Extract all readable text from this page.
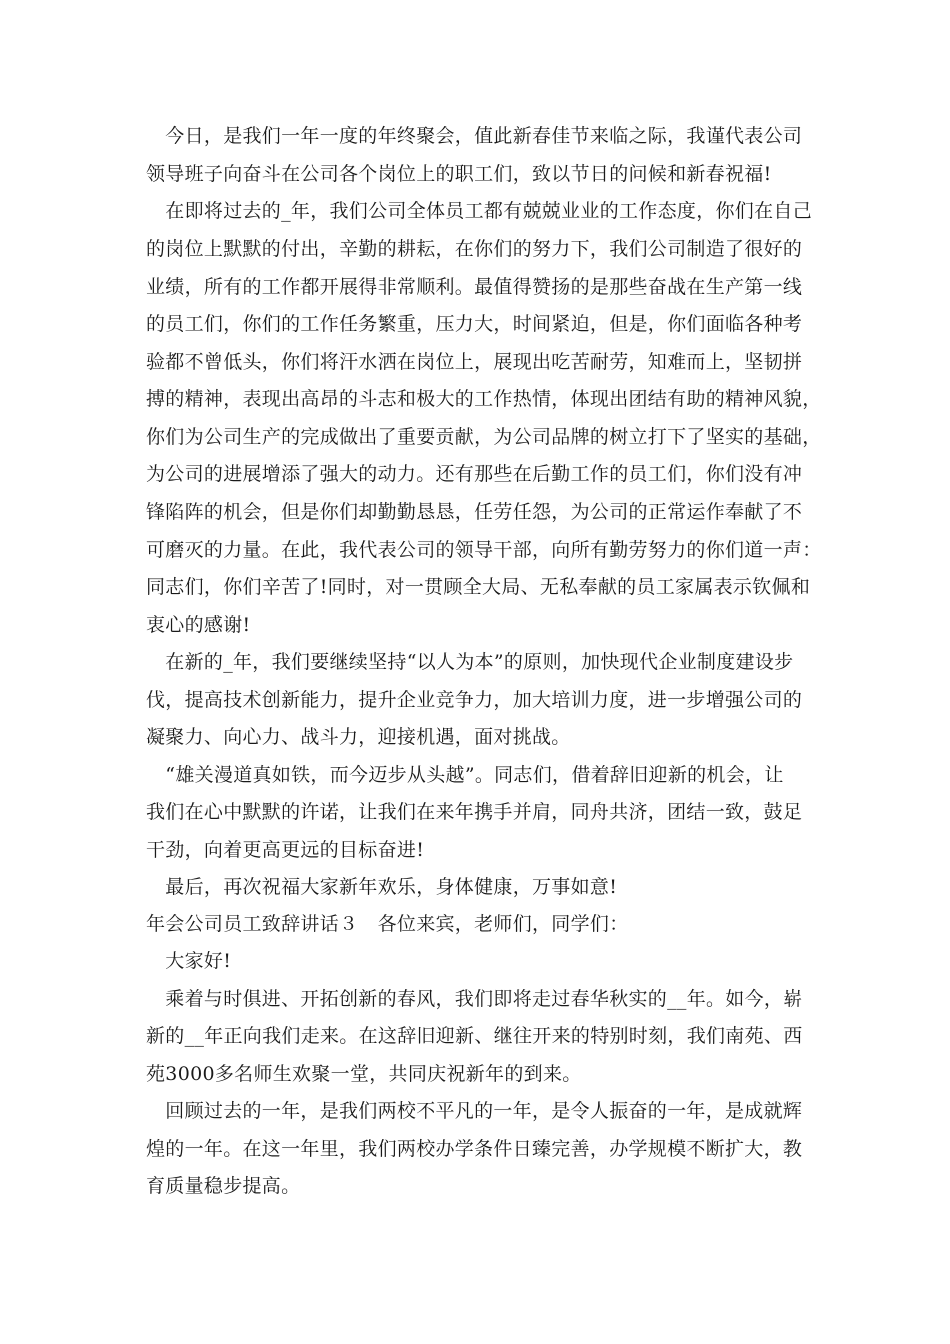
　今日，是我们一年一度的年终聚会，值此新春佳节来临之际，我谨代表公司
领导班子向奋斗在公司各个岗位上的职工们，致以节日的问候和新春祝福!
　在即将过去的_年，我们公司全体员工都有兢兢业业的工作态度，你们在自己
的岗位上默默的付出，辛勤的耕耘，在你们的努力下，我们公司制造了很好的
业绩，所有的工作都开展得非常顺利。最值得赞扬的是那些奋战在生产第一线
的员工们，你们的工作任务繁重，压力大，时间紧迫，但是，你们面临各种考
验都不曾低头，你们将汗水洒在岗位上，展现出吃苦耐劳，知难而上，坚韧拼
搏的精神，表现出高昂的斗志和极大的工作热情，体现出团结有助的精神风貌，
你们为公司生产的完成做出了重要贡献，为公司品牌的树立打下了坚实的基础，
为公司的进展增添了强大的动力。还有那些在后勤工作的员工们，你们没有冲
锋陷阵的机会，但是你们却勤勤恳恳，任劳任怨，为公司的正常运作奉献了不
可磨灭的力量。在此，我代表公司的领导干部，向所有勤劳努力的你们道一声：
同志们，你们辛苦了!同时，对一贯顾全大局、无私奉献的员工家属表示钦佩和
衷心的感谢!
　在新的_年，我们要继续坚持“以人为本”的原则，加快现代企业制度建设步
伐，提高技术创新能力，提升企业竞争力，加大培训力度，进一步增强公司的
凝聚力、向心力、战斗力，迎接机遇，面对挑战。
　“雄关漫道真如铁，而今迈步从头越”。同志们，借着辞旧迎新的机会，让
我们在心中默默的许诺，让我们在来年携手并肩，同舟共济，团结一致，鼓足
干劲，向着更高更远的目标奋进!
　最后，再次祝福大家新年欢乐，身体健康，万事如意!
年会公司员工致辞讲话３　各位来宾，老师们，同学们：
　大家好!
　乘着与时俱进、开拓创新的春风，我们即将走过春华秋实的__年。如今，崭
新的__年正向我们走来。在这辞旧迎新、继往开来的特别时刻，我们南苑、西
苑3000多名师生欢聚一堂，共同庆祝新年的到来。
　回顾过去的一年，是我们两校不平凡的一年，是令人振奋的一年，是成就辉
煌的一年。在这一年里，我们两校办学条件日臻完善，办学规模不断扩大，教
育质量稳步提高。
